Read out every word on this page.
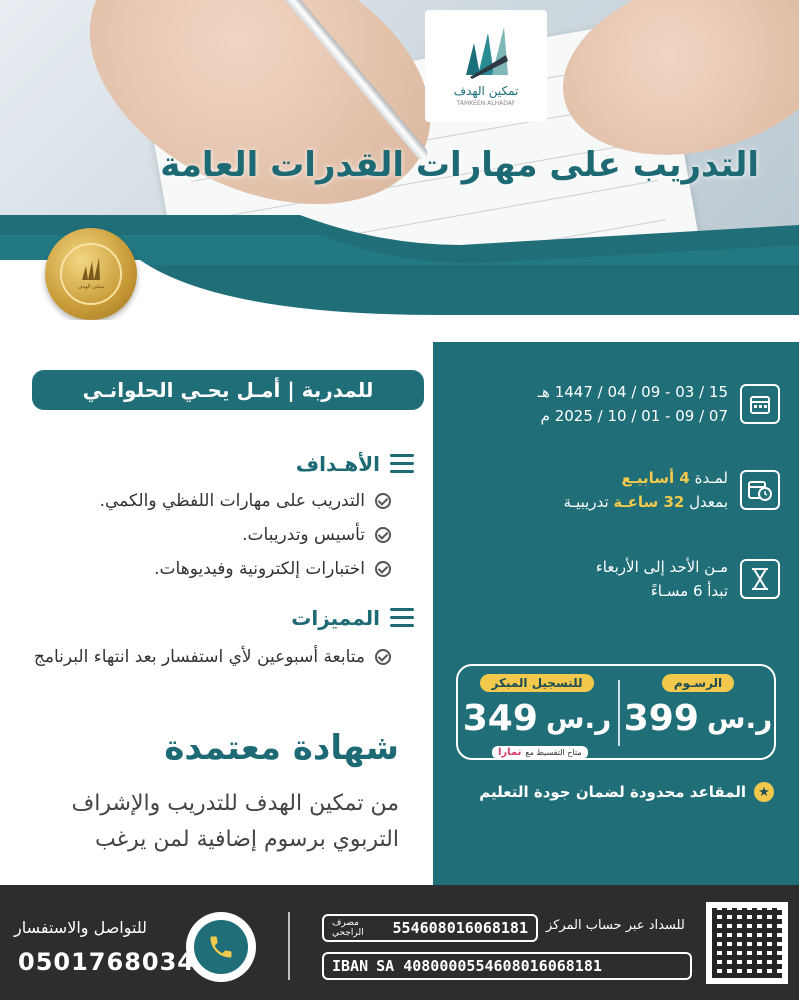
تمكين الهدف
TAMKEEN ALHADAF
التدريب على مهارات القدرات العامة
تمكين الهدف
للمدربة | أمـل يحـي الحلوانـي
الأهـداف
التدريب على مهارات اللفظي والكمي.
تأسيس وتدريبات.
اختبارات إلكترونية وفيديوهات.
المميزات
متابعة أسبوعين لأي استفسار بعد انتهاء البرنامج
شهادة معتمدة
من تمكين الهدف للتدريب والإشراف التربوي برسوم إضافية لمن يرغب
15 / 03 - 09 / 04 / 1447 هـ
07 / 09 - 01 / 10 / 2025 م
لمـدة 4 أسابيـع
بمعدل 32 ساعـة تدريبيـة
مـن الأحد إلى الأربعاء
تبدأ 6 مسـاءً
الرسـوم
399 ر.س
للتسجيل المبكر
349 ر.س
متاح التقسيط مع
تمارا
★
المقاعد محدودة لضمان جودة التعليم
للسداد عبر حساب المركز
مصرف الراجحي	554608016068181
IBAN SA 4080000554608016068181
للتواصل والاستفسار
0501768034
